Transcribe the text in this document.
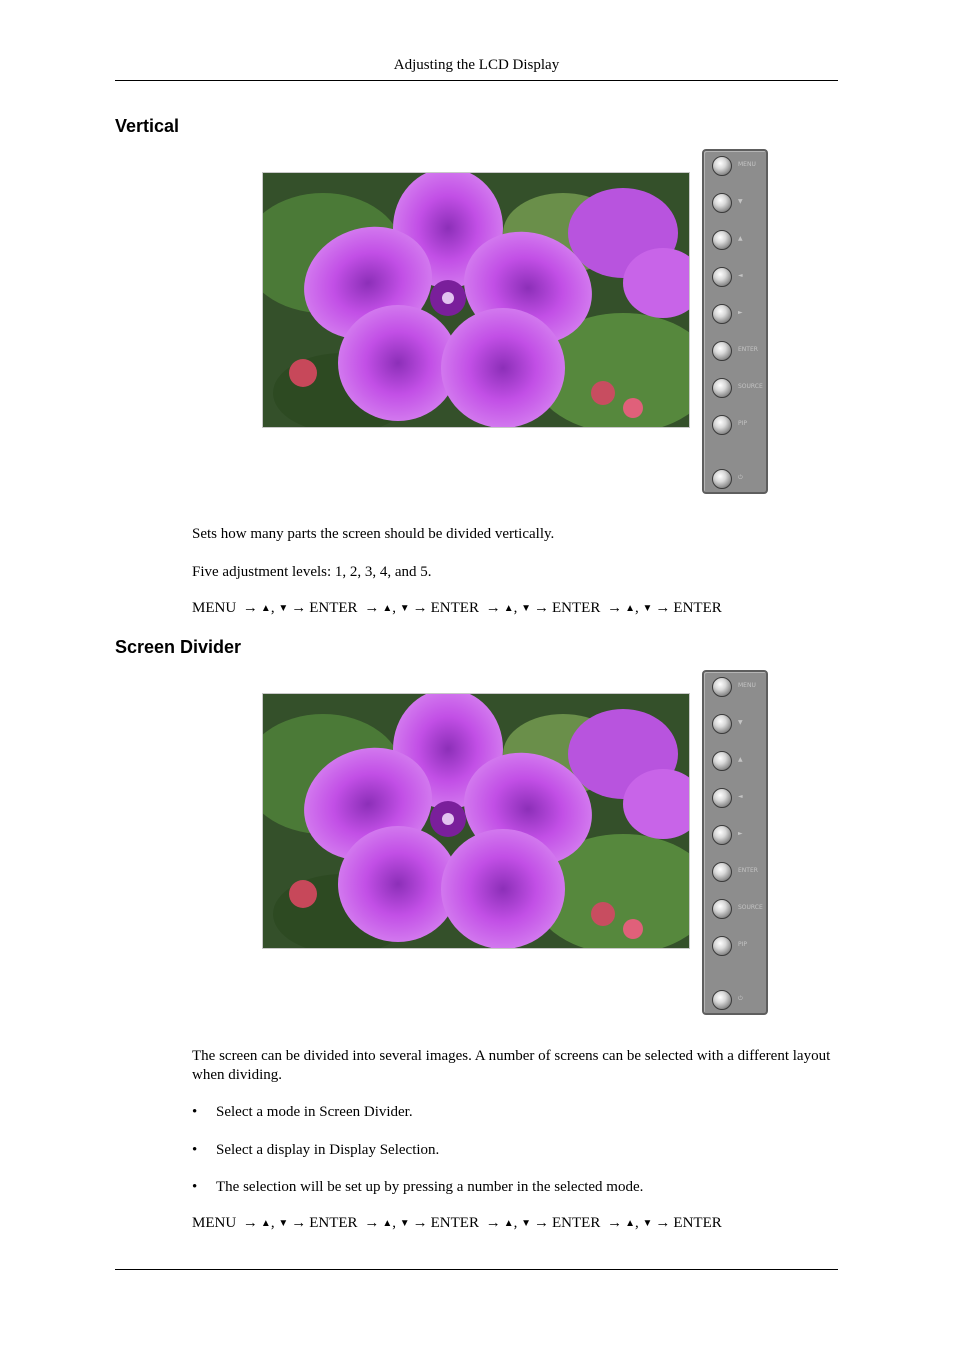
Adjusting the LCD Display
Vertical
MENU
▼
▲
◄
►
ENTER
SOURCE
PIP
⏻

Sets how many parts the screen should be divided vertically.

Five adjustment levels: 1, 2, 3, 4, and 5.

MENU → ▲, ▼ → ENTER → ▲, ▼ → ENTER → ▲, ▼ → ENTER → ▲, ▼ → ENTER
Screen Divider
MENU
▼
▲
◄
►
ENTER
SOURCE
PIP
⏻

The screen can be divided into several images. A number of screens can be selected with a different layout when dividing.

• Select a mode in Screen Divider.
• Select a display in Display Selection.
• The selection will be set up by pressing a number in the selected mode.
MENU → ▲, ▼ → ENTER → ▲, ▼ → ENTER → ▲, ▼ → ENTER → ▲, ▼ → ENTER
